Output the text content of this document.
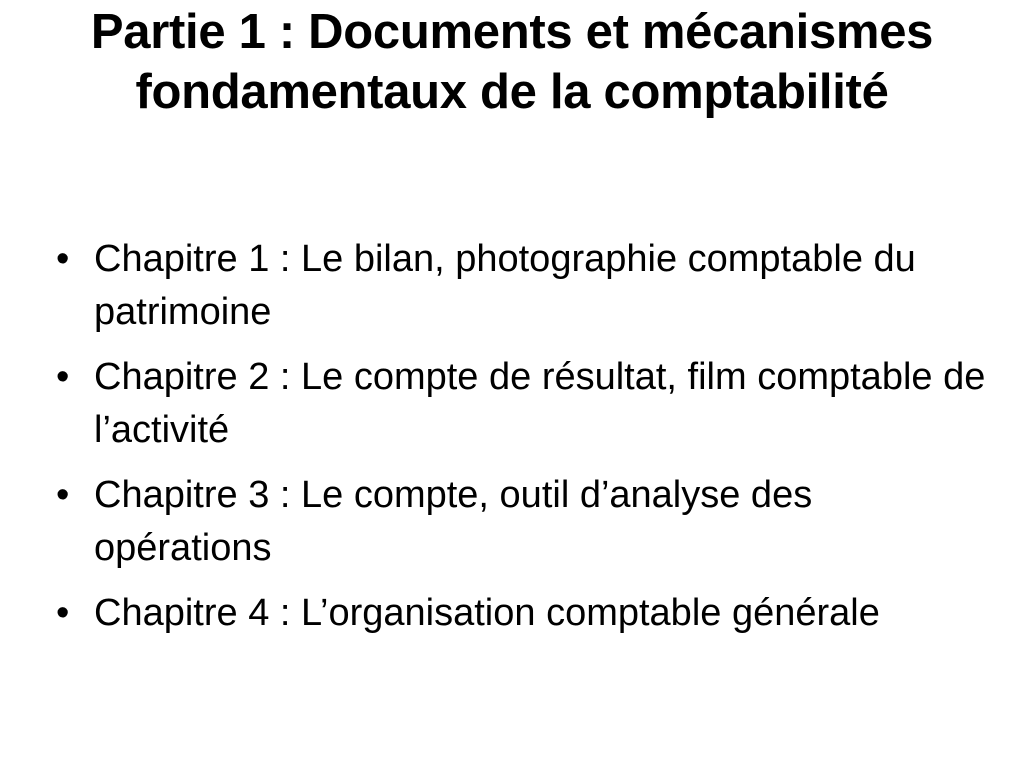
Partie 1 : Documents et mécanismes fondamentaux de la comptabilité
• Chapitre 1 : Le bilan, photographie comptable du patrimoine
• Chapitre 2 : Le compte de résultat, film comptable de l’activité
• Chapitre 3 : Le compte, outil d’analyse des opérations
• Chapitre 4 : L’organisation comptable générale
